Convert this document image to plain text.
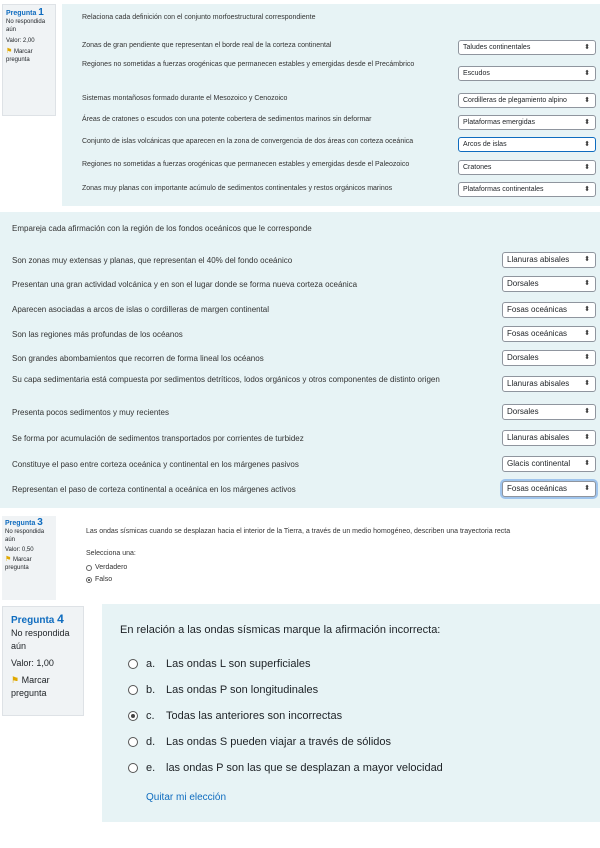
Pregunta 1
No respondida aún
Valor: 2,00
⚑ Marcar pregunta
Relaciona cada definición con el conjunto morfoestructural correspondiente
Zonas de gran pendiente que representan el borde real de la corteza continental	Taludes continentales	⬍
Regiones no sometidas a fuerzas orogénicas que permanecen estables y emergidas desde el Precámbrico
Escudos	⬍
Sistemas montañosos formado durante el Mesozoico y Cenozoico	Cordilleras de plegamiento alpino ⬍
Áreas de cratones o escudos con una potente cobertera de sedimentos marinos sin deformar	Plataformas emergidas	⬍
Conjunto de islas volcánicas que aparecen en la zona de convergencia de dos áreas con corteza oceánica	Arcos de islas	⬍
Regiones no sometidas a fuerzas orogénicas que permanecen estables y emergidas desde el Paleozoico	Cratones	⬍
Zonas muy planas con importante acúmulo de sedimentos continentales y restos orgánicos marinos	Plataformas continentales	⬍
Empareja cada afirmación con la región de los fondos oceánicos que le corresponde
Son zonas muy extensas y planas, que representan el 40% del fondo oceánico	Llanuras abisales ⬍
Presentan una gran actividad volcánica y en son el lugar donde se forma nueva corteza oceánica	Dorsales	⬍
Aparecen asociadas a arcos de islas o cordilleras de margen continental	Fosas oceánicas ⬍
Son las regiones más profundas de los océanos	Fosas oceánicas ⬍
Son grandes abombamientos que recorren de forma lineal los océanos	Dorsales	⬍
Su capa sedimentaria está compuesta por sedimentos detríticos, lodos orgánicos y otros componentes de distinto origen	Llanuras abisales ⬍
Presenta pocos sedimentos y muy recientes	Dorsales	⬍
Se forma por acumulación de sedimentos transportados por corrientes de turbidez	Llanuras abisales ⬍
Constituye el paso entre corteza oceánica y continental en los márgenes pasivos	Glacis continental ⬍
Representan el paso de corteza continental a oceánica en los márgenes activos	Fosas oceánicas ⬍
Pregunta 3
No respondida aún
Valor: 0,50
⚑ Marcar pregunta
Las ondas sísmicas cuando se desplazan hacia el interior de la Tierra, a través de un medio homogéneo, describen una trayectoria recta
Selecciona una:
Verdadero
Falso
Pregunta 4
No respondida aún
Valor: 1,00
⚑ Marcar pregunta
En relación a las ondas sísmicas marque la afirmación incorrecta:
a. Las ondas L son superficiales
b. Las ondas P son longitudinales
c.	Todas las anteriores son incorrectas
d. Las ondas S pueden viajar a través de sólidos
e. las ondas P son las que se desplazan a mayor velocidad
Quitar mi elección
